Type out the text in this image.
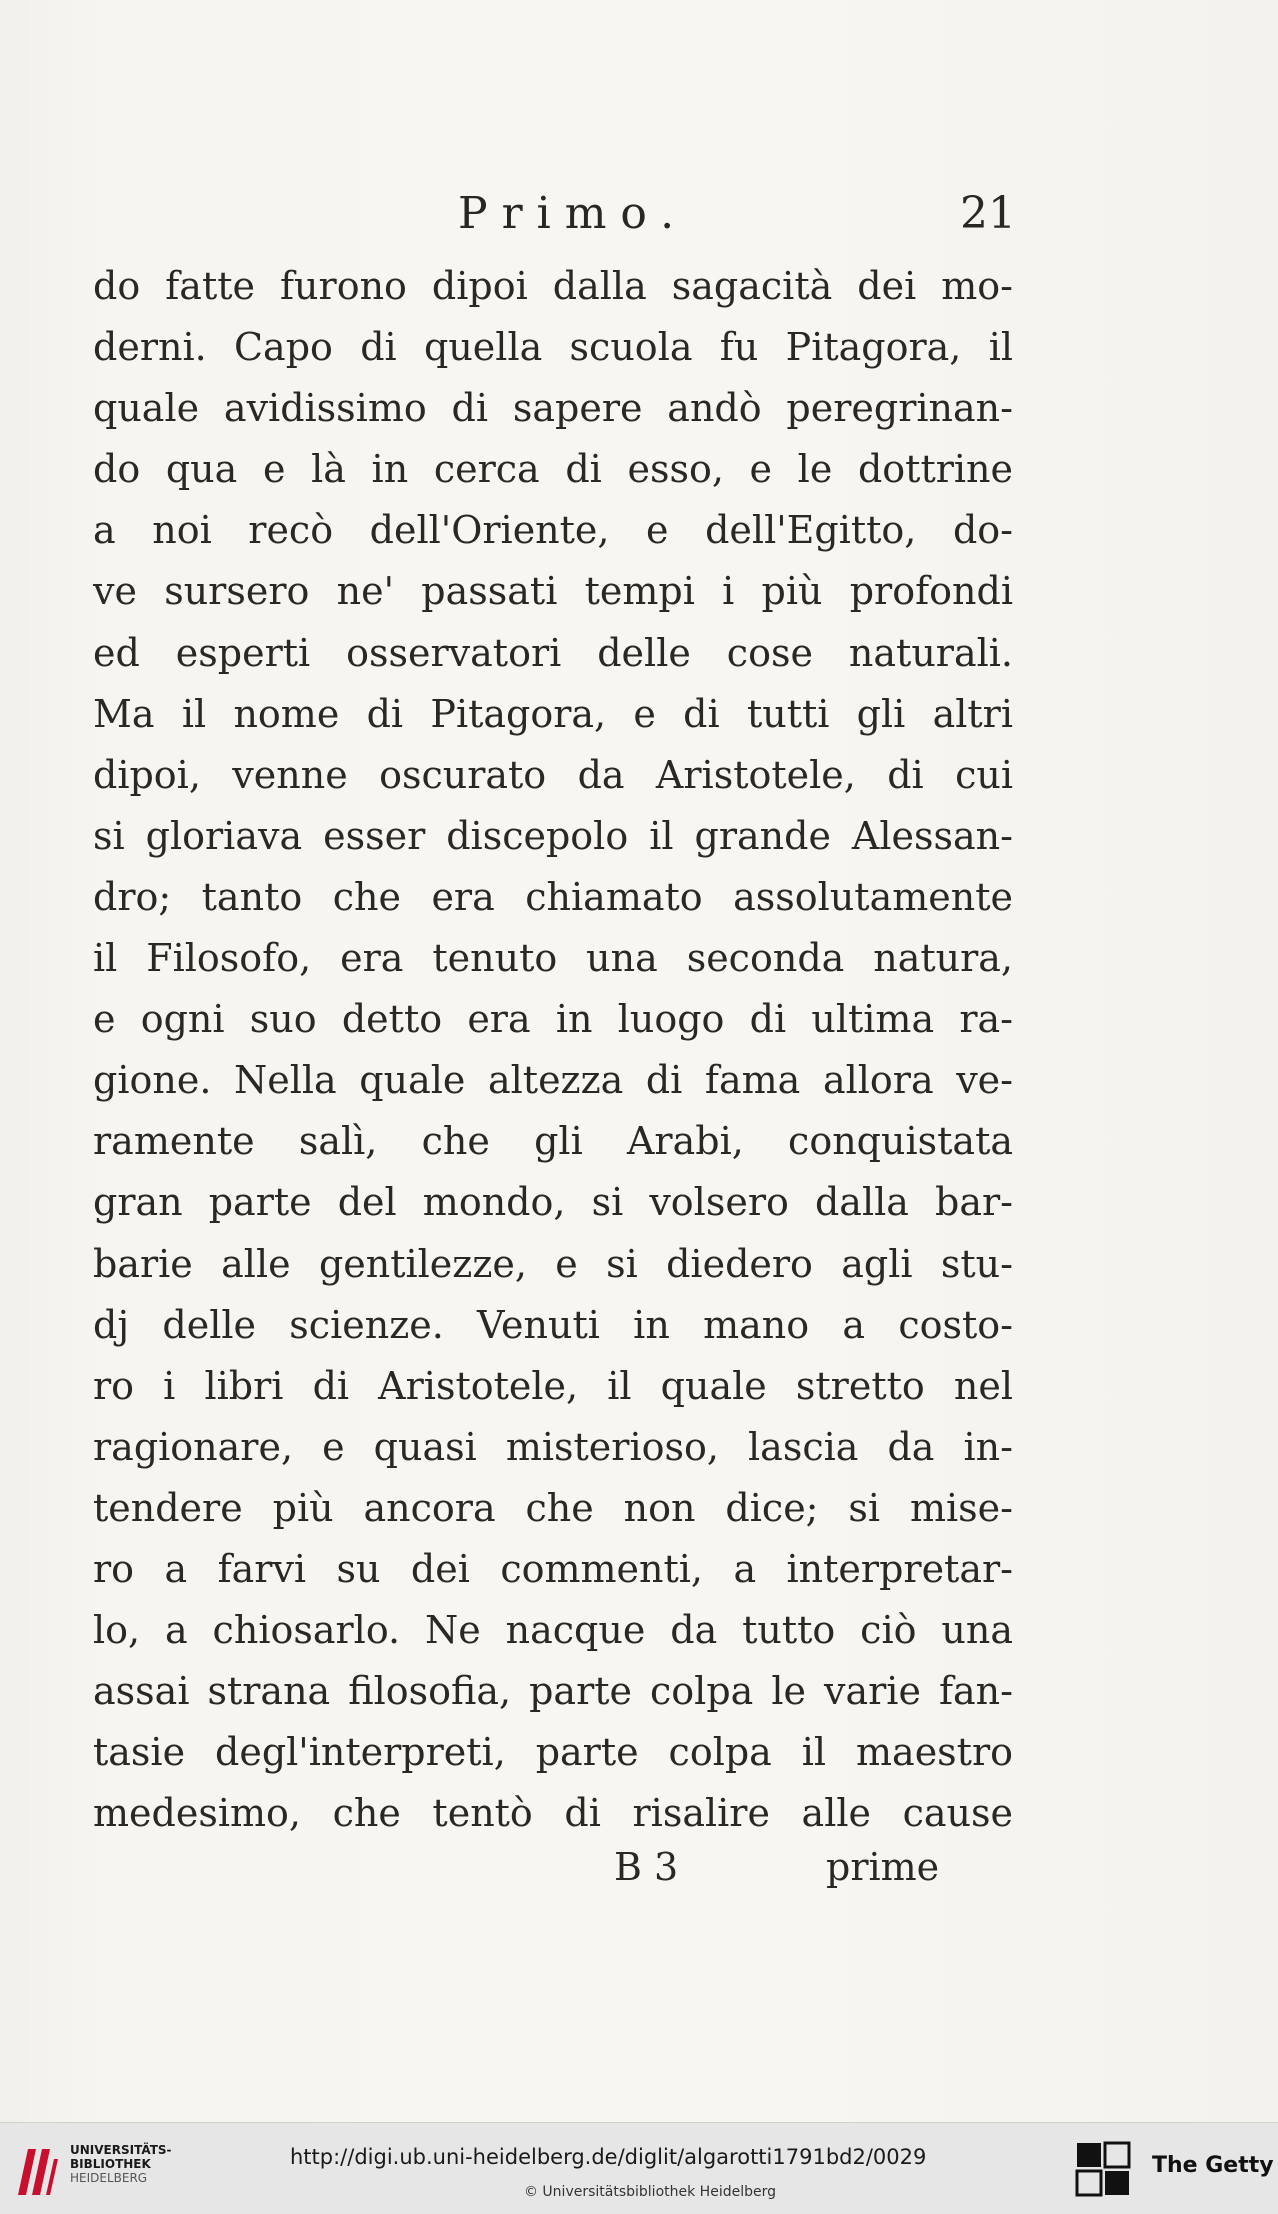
Primo.	21
do fatte furono dipoi dalla sagacità dei mo-
derni. Capo di quella scuola fu Pitagora, il
quale avidissimo di sapere andò peregrinan-
do qua e là in cerca di esso, e le dottrine
a noi recò dell'Oriente, e dell'Egitto, do-
ve sursero ne' passati tempi i più profondi
ed esperti osservatori delle cose naturali.
Ma il nome di Pitagora, e di tutti gli altri
dipoi, venne oscurato da Aristotele, di cui
si gloriava esser discepolo il grande Alessan-
dro; tanto che era chiamato assolutamente
il Filosofo, era tenuto una seconda natura,
e ogni suo detto era in luogo di ultima ra-
gione. Nella quale altezza di fama allora ve-
ramente salì, che gli Arabi, conquistata
gran parte del mondo, si volsero dalla bar-
barie alle gentilezze, e si diedero agli stu-
dj delle scienze. Venuti in mano a costo-
ro i libri di Aristotele, il quale stretto nel
ragionare, e quasi misterioso, lascia da in-
tendere più ancora che non dice; si mise-
ro a farvi su dei commenti, a interpretar-
lo, a chiosarlo. Ne nacque da tutto ciò una
assai strana filosofia, parte colpa le varie fan-
tasie degl'interpreti, parte colpa il maestro
medesimo, che tentò di risalire alle cause
B 3	prime
UNIVERSITÄTS-
BIBLIOTHEK
HEIDELBERG
http://digi.ub.uni-heidelberg.de/diglit/algarotti1791bd2/0029
© Universitätsbibliothek Heidelberg
The Getty
